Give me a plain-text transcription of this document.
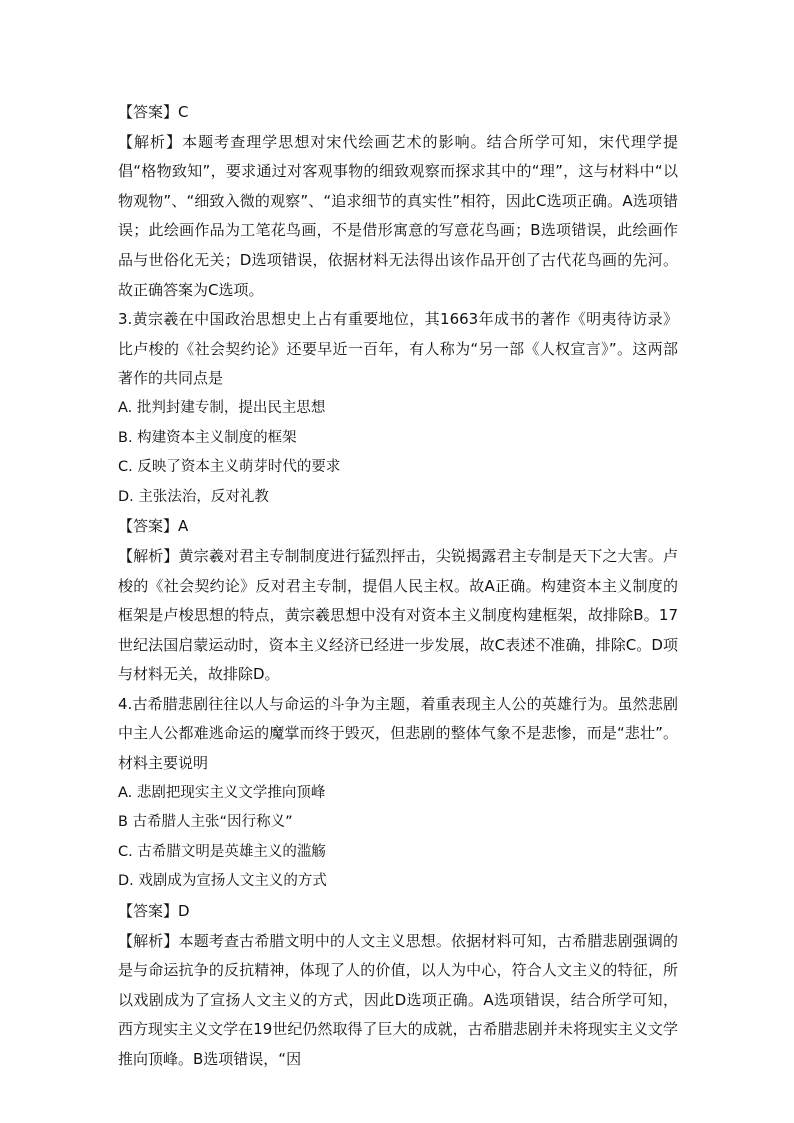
【答案】C
【解析】本题考查理学思想对宋代绘画艺术的影响。结合所学可知，宋代理学提倡“格物致知”，要求通过对客观事物的细致观察而探求其中的“理”，这与材料中“以物观物”、“细致入微的观察”、“追求细节的真实性”相符，因此C选项正确。A选项错误；此绘画作品为工笔花鸟画，不是借形寓意的写意花鸟画；B选项错误，此绘画作品与世俗化无关；D选项错误，依据材料无法得出该作品开创了古代花鸟画的先河。故正确答案为C选项。
3.黄宗羲在中国政治思想史上占有重要地位，其1663年成书的著作《明夷待访录》比卢梭的《社会契约论》还要早近一百年，有人称为“另一部《人权宣言》”。这两部著作的共同点是
A. 批判封建专制，提出民主思想
B. 构建资本主义制度的框架
C. 反映了资本主义萌芽时代的要求
D. 主张法治，反对礼教
【答案】A
【解析】黄宗羲对君主专制制度进行猛烈抨击，尖锐揭露君主专制是天下之大害。卢梭的《社会契约论》反对君主专制，提倡人民主权。故A正确。构建资本主义制度的框架是卢梭思想的特点，黄宗羲思想中没有对资本主义制度构建框架，故排除B。17世纪法国启蒙运动时，资本主义经济已经进一步发展，故C表述不准确，排除C。D项与材料无关，故排除D。
4.古希腊悲剧往往以人与命运的斗争为主题，着重表现主人公的英雄行为。虽然悲剧中主人公都难逃命运的魔掌而终于毁灭，但悲剧的整体气象不是悲惨，而是“悲壮”。材料主要说明
A. 悲剧把现实主义文学推向顶峰
B 古希腊人主张“因行称义”
C. 古希腊文明是英雄主义的滥觞
D. 戏剧成为宣扬人文主义的方式
【答案】D
【解析】本题考查古希腊文明中的人文主义思想。依据材料可知，古希腊悲剧强调的是与命运抗争的反抗精神，体现了人的价值，以人为中心，符合人文主义的特征，所以戏剧成为了宣扬人文主义的方式，因此D选项正确。A选项错误，结合所学可知，西方现实主义文学在19世纪仍然取得了巨大的成就，古希腊悲剧并未将现实主义文学推向顶峰。B选项错误，“因
